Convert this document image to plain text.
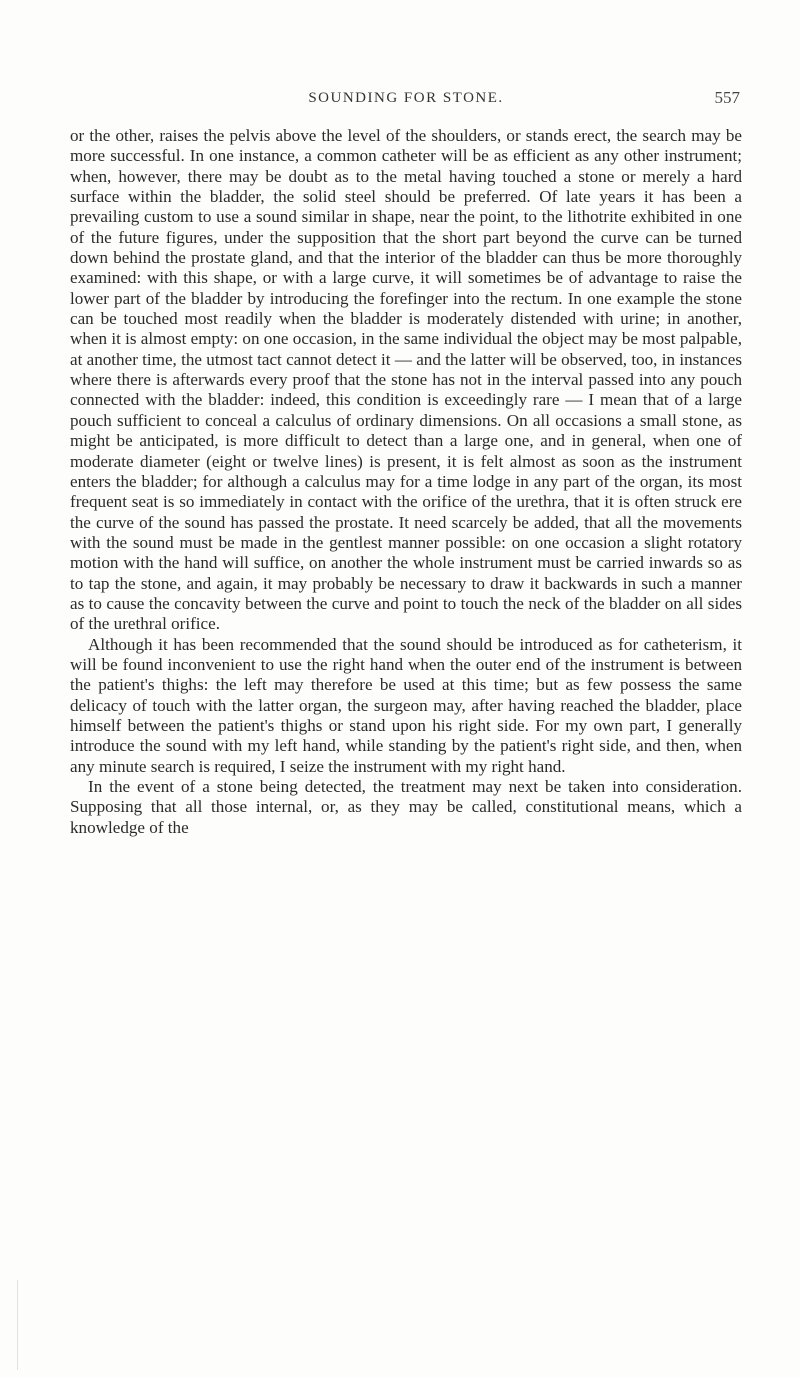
SOUNDING FOR STONE.	557

or the other, raises the pelvis above the level of the shoulders, or stands erect, the search may be more successful. In one instance, a common catheter will be as efficient as any other instrument; when, however, there may be doubt as to the metal having touched a stone or merely a hard surface within the bladder, the solid steel should be preferred. Of late years it has been a prevailing custom to use a sound similar in shape, near the point, to the lithotrite exhibited in one of the future figures, under the supposition that the short part beyond the curve can be turned down behind the prostate gland, and that the interior of the bladder can thus be more thoroughly examined: with this shape, or with a large curve, it will sometimes be of advantage to raise the lower part of the bladder by introducing the forefinger into the rectum. In one example the stone can be touched most readily when the bladder is moderately distended with urine; in another, when it is almost empty: on one occasion, in the same individual the object may be most palpable, at another time, the utmost tact cannot detect it — and the latter will be observed, too, in instances where there is afterwards every proof that the stone has not in the interval passed into any pouch connected with the bladder: indeed, this condition is exceedingly rare — I mean that of a large pouch sufficient to conceal a calculus of ordinary dimensions. On all occasions a small stone, as might be anticipated, is more difficult to detect than a large one, and in general, when one of moderate diameter (eight or twelve lines) is present, it is felt almost as soon as the instrument enters the bladder; for although a calculus may for a time lodge in any part of the organ, its most frequent seat is so immediately in contact with the orifice of the urethra, that it is often struck ere the curve of the sound has passed the prostate. It need scarcely be added, that all the movements with the sound must be made in the gentlest manner possible: on one occasion a slight rotatory motion with the hand will suffice, on another the whole instrument must be carried inwards so as to tap the stone, and again, it may probably be necessary to draw it backwards in such a manner as to cause the concavity between the curve and point to touch the neck of the bladder on all sides of the urethral orifice.

Although it has been recommended that the sound should be introduced as for catheterism, it will be found inconvenient to use the right hand when the outer end of the instrument is between the patient's thighs: the left may therefore be used at this time; but as few possess the same delicacy of touch with the latter organ, the surgeon may, after having reached the bladder, place himself between the patient's thighs or stand upon his right side. For my own part, I generally introduce the sound with my left hand, while standing by the patient's right side, and then, when any minute search is required, I seize the instrument with my right hand.

In the event of a stone being detected, the treatment may next be taken into consideration. Supposing that all those internal, or, as they may be called, constitutional means, which a knowledge of the
